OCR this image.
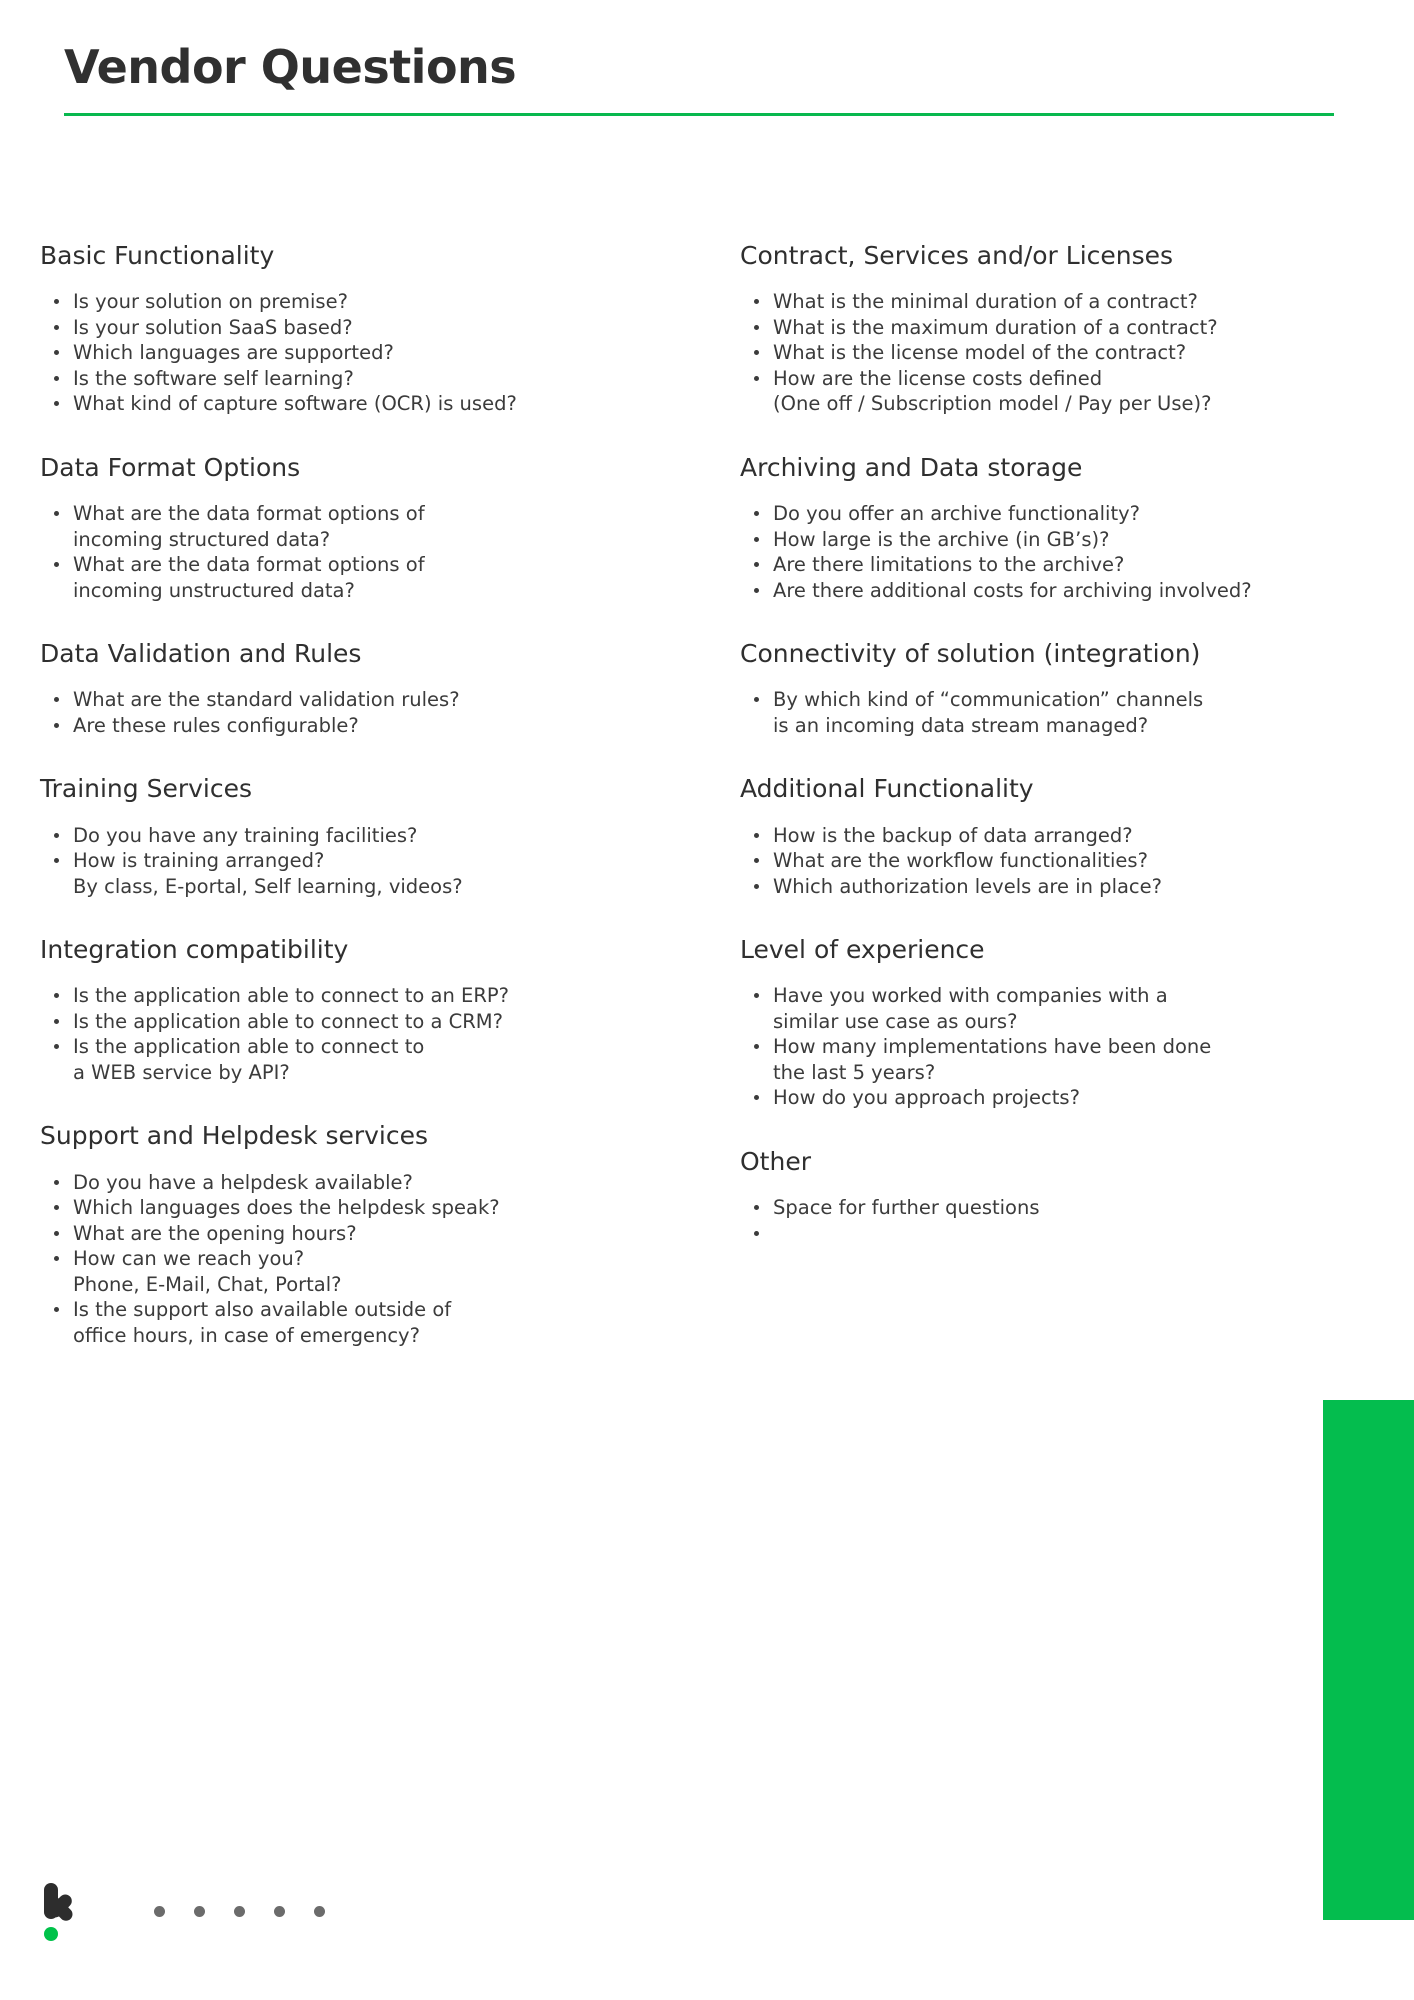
Vendor Questions
Basic Functionality
Is your solution on premise?
Is your solution SaaS based?
Which languages are supported?
Is the software self learning?
What kind of capture software (OCR) is used?
Data Format Options
What are the data format options of
incoming structured data?
What are the data format options of
incoming unstructured data?
Data Validation and Rules
What are the standard validation rules?
Are these rules configurable?
Training Services
Do you have any training facilities?
How is training arranged?
By class, E-portal, Self learning, videos?
Integration compatibility
Is the application able to connect to an ERP?
Is the application able to connect to a CRM?
Is the application able to connect to
a WEB service by API?
Support and Helpdesk services
Do you have a helpdesk available?
Which languages does the helpdesk speak?
What are the opening hours?
How can we reach you?
Phone, E-Mail, Chat, Portal?
Is the support also available outside of
office hours, in case of emergency?
Contract, Services and/or Licenses
What is the minimal duration of a contract?
What is the maximum duration of a contract?
What is the license model of the contract?
How are the license costs defined
(One off / Subscription model / Pay per Use)?
Archiving and Data storage
Do you offer an archive functionality?
How large is the archive (in GB’s)?
Are there limitations to the archive?
Are there additional costs for archiving involved?
Connectivity of solution (integration)
By which kind of “communication” channels
is an incoming data stream managed?
Additional Functionality
How is the backup of data arranged?
What are the workflow functionalities?
Which authorization levels are in place?
Level of experience
Have you worked with companies with a
similar use case as ours?
How many implementations have been done
the last 5 years?
How do you approach projects?
Other
Space for further questions
